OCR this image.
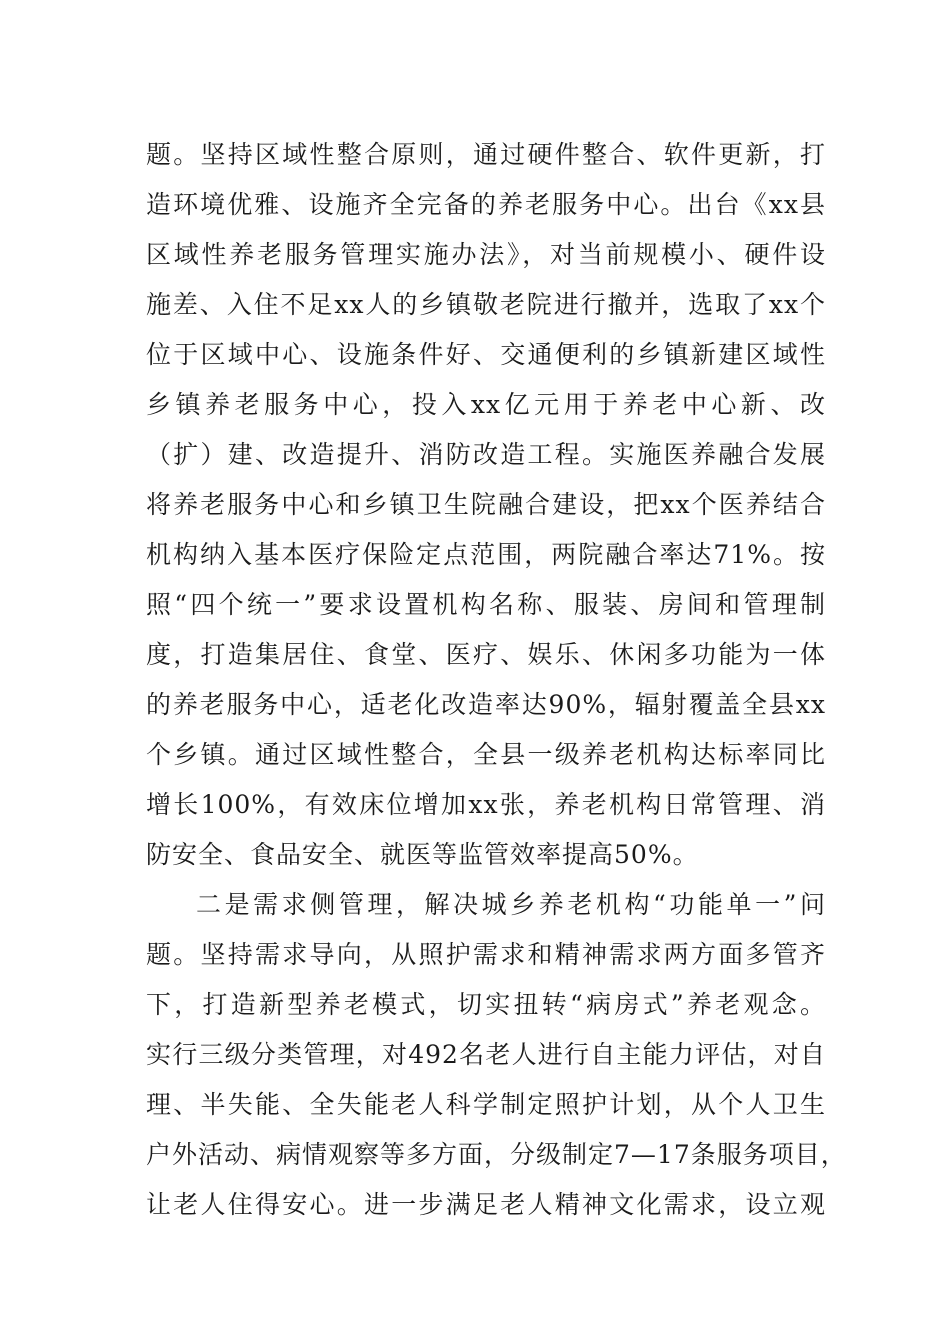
题。坚持区域性整合原则，通过硬件整合、软件更新，打
造环境优雅、设施齐全完备的养老服务中心。出台《xx县
区域性养老服务管理实施办法》，对当前规模小、硬件设
施差、入住不足xx人的乡镇敬老院进行撤并，选取了xx个
位于区域中心、设施条件好、交通便利的乡镇新建区域性
乡镇养老服务中心，投入xx亿元用于养老中心新、改
（扩）建、改造提升、消防改造工程。实施医养融合发展
将养老服务中心和乡镇卫生院融合建设，把xx个医养结合
机构纳入基本医疗保险定点范围，两院融合率达71%。按
照“四个统一”要求设置机构名称、服装、房间和管理制
度，打造集居住、食堂、医疗、娱乐、休闲多功能为一体
的养老服务中心，适老化改造率达90%，辐射覆盖全县xx
个乡镇。通过区域性整合，全县一级养老机构达标率同比
增长100%，有效床位增加xx张，养老机构日常管理、消
防安全、食品安全、就医等监管效率提高50%。
二是需求侧管理，解决城乡养老机构“功能单一”问
题。坚持需求导向，从照护需求和精神需求两方面多管齐
下，打造新型养老模式，切实扭转“病房式”养老观念。
实行三级分类管理，对492名老人进行自主能力评估，对自
理、半失能、全失能老人科学制定照护计划，从个人卫生
户外活动、病情观察等多方面，分级制定7—17条服务项目，
让老人住得安心。进一步满足老人精神文化需求，设立观
